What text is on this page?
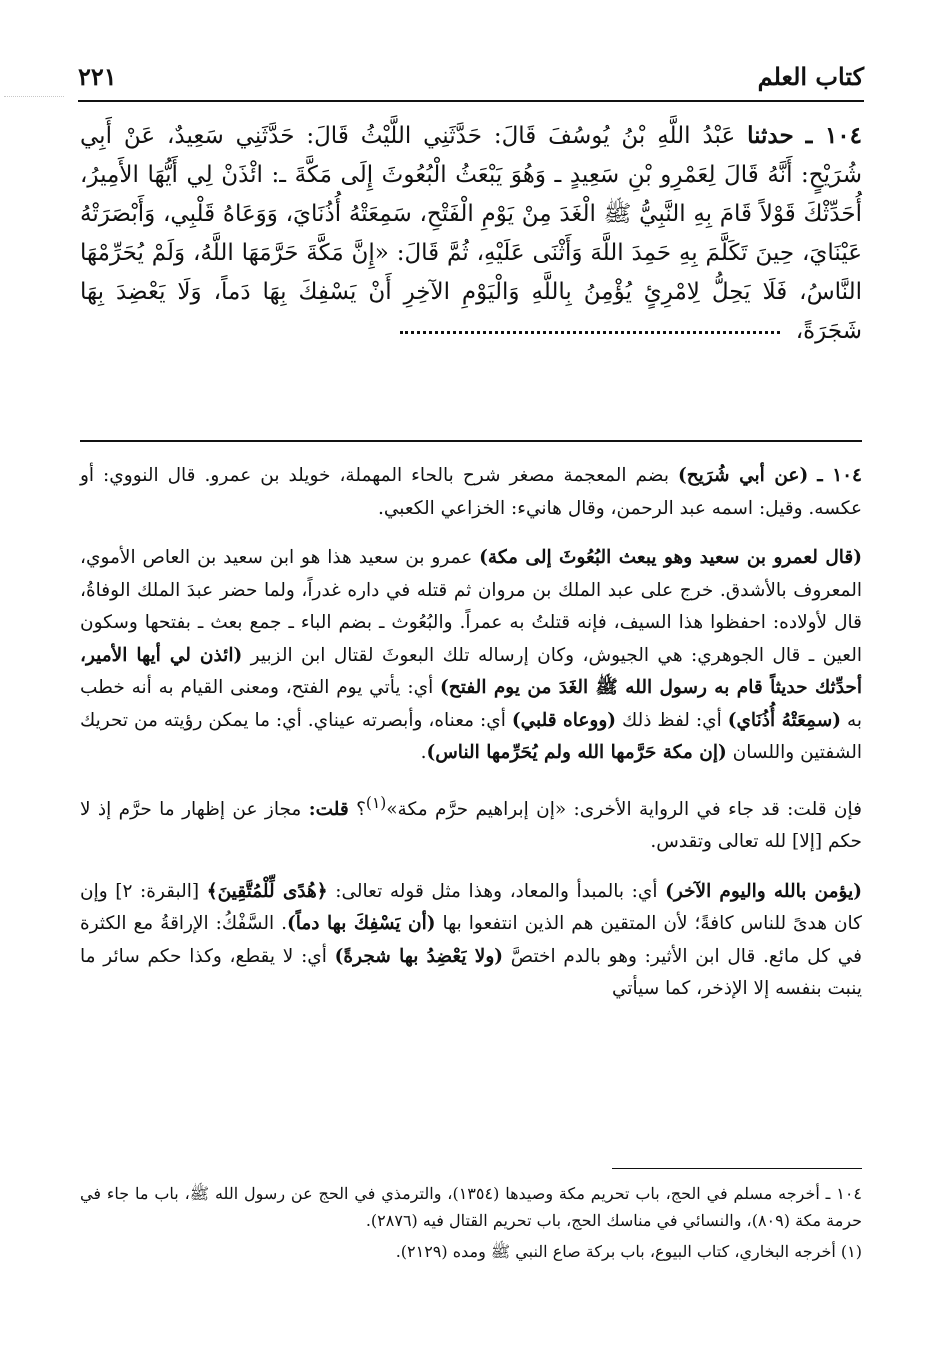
كتاب العلم
٢٢١
١٠٤ ـ حدثنا عَبْدُ اللَّهِ بْنُ يُوسُفَ قَالَ: حَدَّثَنِي اللَّيْثُ قَالَ: حَدَّثَنِي سَعِيدٌ، عَنْ أَبِي شُرَيْحٍ: أَنَّهُ قَالَ لِعَمْرِو بْنِ سَعِيدٍ ـ وَهُوَ يَبْعَثُ الْبُعُوثَ إِلَى مَكَّةَ ـ: ائْذَنْ لِي أَيُّهَا الأَمِيرُ، أُحَدِّثْكَ قَوْلاً قَامَ بِهِ النَّبِيُّ ﷺ الْغَدَ مِنْ يَوْمِ الْفَتْحِ، سَمِعَتْهُ أُذُنَايَ، وَوَعَاهُ قَلْبِي، وَأَبْصَرَتْهُ عَيْنَايَ، حِينَ تَكَلَّمَ بِهِ حَمِدَ اللَّهَ وَأَثْنَى عَلَيْهِ، ثُمَّ قَالَ: «إِنَّ مَكَّةَ حَرَّمَهَا اللَّهُ، وَلَمْ يُحَرِّمْهَا النَّاسُ، فَلَا يَحِلُّ لِامْرِئٍ يُؤْمِنُ بِاللَّهِ وَالْيَوْمِ الآخِرِ أَنْ يَسْفِكَ بِهَا دَماً، وَلَا يَعْضِدَ بِهَا شَجَرَةً،

١٠٤ ـ (عن أبي شُرَيح) بضم المعجمة مصغر شرح بالحاء المهملة، خويلد بن عمرو. قال النووي: أو عكسه. وقيل: اسمه عبد الرحمن، وقال هانيء: الخزاعي الكعبي.

(قال لعمرو بن سعيد وهو يبعث البُعُوثَ إلى مكة) عمرو بن سعيد هذا هو ابن سعيد بن العاص الأموي، المعروف بالأشدق. خرج على عبد الملك بن مروان ثم قتله في داره غدراً، ولما حضر عبدَ الملك الوفاةُ، قال لأولاده: احفظوا هذا السيف، فإنه قتلتُ به عمراً. والبُعُوث ـ بضم الباء ـ جمع بعث ـ بفتحها وسكون العين ـ قال الجوهري: هي الجيوش، وكان إرساله تلك البعوثَ لقتال ابن الزبير (ائذن لي أيها الأمير، أحدِّثك حديثاً قام به رسول الله ﷺ الغَدَ من يوم الفتح) أي: يأتي يوم الفتح، ومعنى القيام به أنه خطب به (سمِعَتْهُ أُذُنَاي) أي: لفظ ذلك (ووعاه قلبي) أي: معناه، وأبصرته عيناي. أي: ما يمكن رؤيته من تحريك الشفتين واللسان (إن مكة حَرَّمها الله ولم يُحَرِّمها الناس).

فإن قلت: قد جاء في الرواية الأخرى: «إن إبراهيم حرَّم مكة»$^{(١)}$؟ قلت: مجاز عن إظهار ما حرَّم إذ لا حكم [إلا] لله تعالى وتقدس.

(يؤمن بالله واليوم الآخر) أي: بالمبدأ والمعاد، وهذا مثل قوله تعالى: ﴿هُدًى لِّلْمُتَّقِينَ﴾ [البقرة: ٢] وإن كان هدىً للناس كافةً؛ لأن المتقين هم الذين انتفعوا بها (أن يَسْفِكَ بها دماً). السَّفْكُ: الإراقةُ مع الكثرة في كل مائع. قال ابن الأثير: وهو بالدم اختصَّ (ولا يَعْضِدُ بها شجرةً) أي: لا يقطع، وكذا حكم سائر ما ينبت بنفسه إلا الإذخر، كما سيأتي

١٠٤ ـ أخرجه مسلم في الحج، باب تحريم مكة وصيدها (١٣٥٤)، والترمذي في الحج عن رسول الله ﷺ، باب ما جاء في حرمة مكة (٨٠٩)، والنسائي في مناسك الحج، باب تحريم القتال فيه (٢٨٧٦).

(١) أخرجه البخاري، كتاب البيوع، باب بركة صاع النبي ﷺ ومده (٢١٢٩).
